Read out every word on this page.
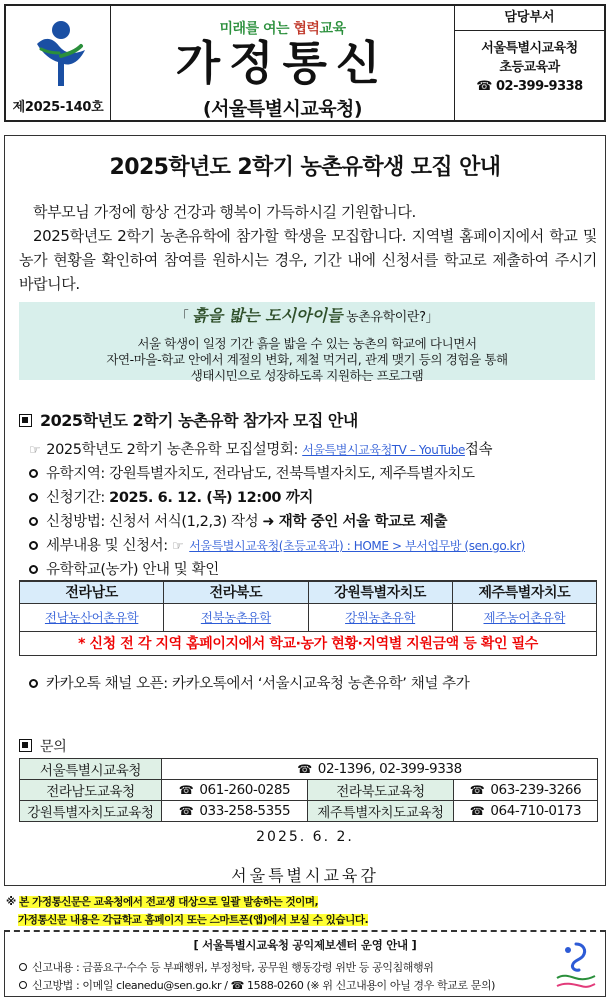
제2025-140호
미래를 여는 협력교육
가정통신
(서울특별시교육청)
담당부서
서울특별시교육청
초등교육과
☎ 02-399-9338
2025학년도 2학기 농촌유학생 모집 안내

학부모님 가정에 항상 건강과 행복이 가득하시길 기원합니다.

2025학년도 2학기 농촌유학에 참가할 학생을 모집합니다. 지역별 홈페이지에서 학교 및 농가 현황을 확인하여 참여를 원하시는 경우, 기간 내에 신청서를 학교로 제출하여 주시기 바랍니다.

「 흙을 밟는 도시아이들 농촌유학이란?」
서울 학생이 일정 기간 흙을 밟을 수 있는 농촌의 학교에 다니면서
자연-마을-학교 안에서 계절의 변화, 제철 먹거리, 관계 맺기 등의 경험을 통해
생태시민으로 성장하도록 지원하는 프로그램
2025학년도 2학기 농촌유학 참가자 모집 안내
☞ 2025학년도 2학기 농촌유학 모집설명회: 서울특별시교육청TV – YouTube접속
유학지역: 강원특별자치도, 전라남도, 전북특별자치도, 제주특별자치도
신청기간: 2025. 6. 12. (목) 12:00 까지
신청방법: 신청서 서식(1,2,3) 작성 ➜ 재학 중인 서울 학교로 제출
세부내용 및 신청서: ☞ 서울특별시교육청(초등교육과) : HOME > 부서업무방 (sen.go.kr)
유학학교(농가) 안내 및 확인
전라남도	전라북도	강원특별자치도	제주특별자치도
전남농산어촌유학	전북농촌유학	강원농촌유학	제주농어촌유학
* 신청 전 각 지역 홈페이지에서 학교·농가 현황·지역별 지원금액 등 확인 필수			
카카오톡 채널 오픈: 카카오톡에서 ‘서울시교육청 농촌유학’ 채널 추가
문의
서울특별시교육청	☎ 02-1396, 02-399-9338		
전라남도교육청	☎ 061-260-0285	전라북도교육청	☎ 063-239-3266
강원특별자치도교육청	☎ 033-258-5355	제주특별자치도교육청	☎ 064-710-0173
2025. 6. 2.
서울특별시교육감
※ 본 가정통신문은 교육청에서 전교생 대상으로 일괄 발송하는 것이며,
가정통신문 내용은 각급학교 홈페이지 또는 스마트폰(앱)에서 보실 수 있습니다.
[ 서울특별시교육청 공익제보센터 운영 안내 ]
신고내용 : 금품요구·수수 등 부패행위, 부정청탁, 공무원 행동강령 위반 등 공익침해행위
신고방법 : 이메일 cleanedu@sen.go.kr / ☎ 1588-0260 (※ 위 신고내용이 아닐 경우 학교로 문의)
